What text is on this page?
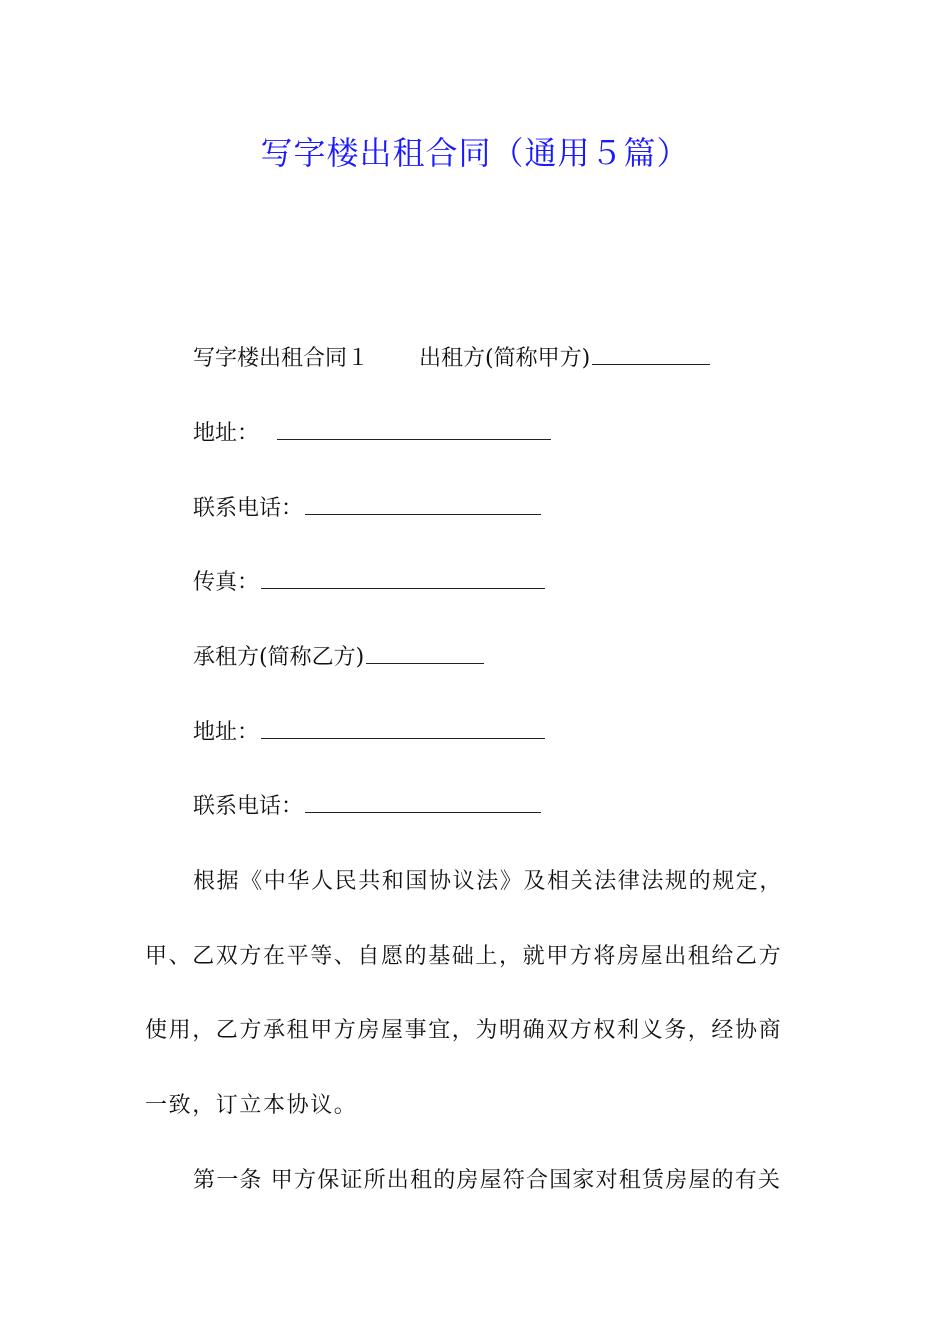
写字楼出租合同（通用５篇）
写字楼出租合同１ 出租方(简称甲方)
地址：
联系电话：
传真：
承租方(简称乙方)
地址：
联系电话：
根据《中华人民共和国协议法》及相关法律法规的规定，
甲、乙双方在平等、自愿的基础上，就甲方将房屋出租给乙方
使用，乙方承租甲方房屋事宜，为明确双方权利义务，经协商
一致，订立本协议。
第一条 甲方保证所出租的房屋符合国家对租赁房屋的有关
